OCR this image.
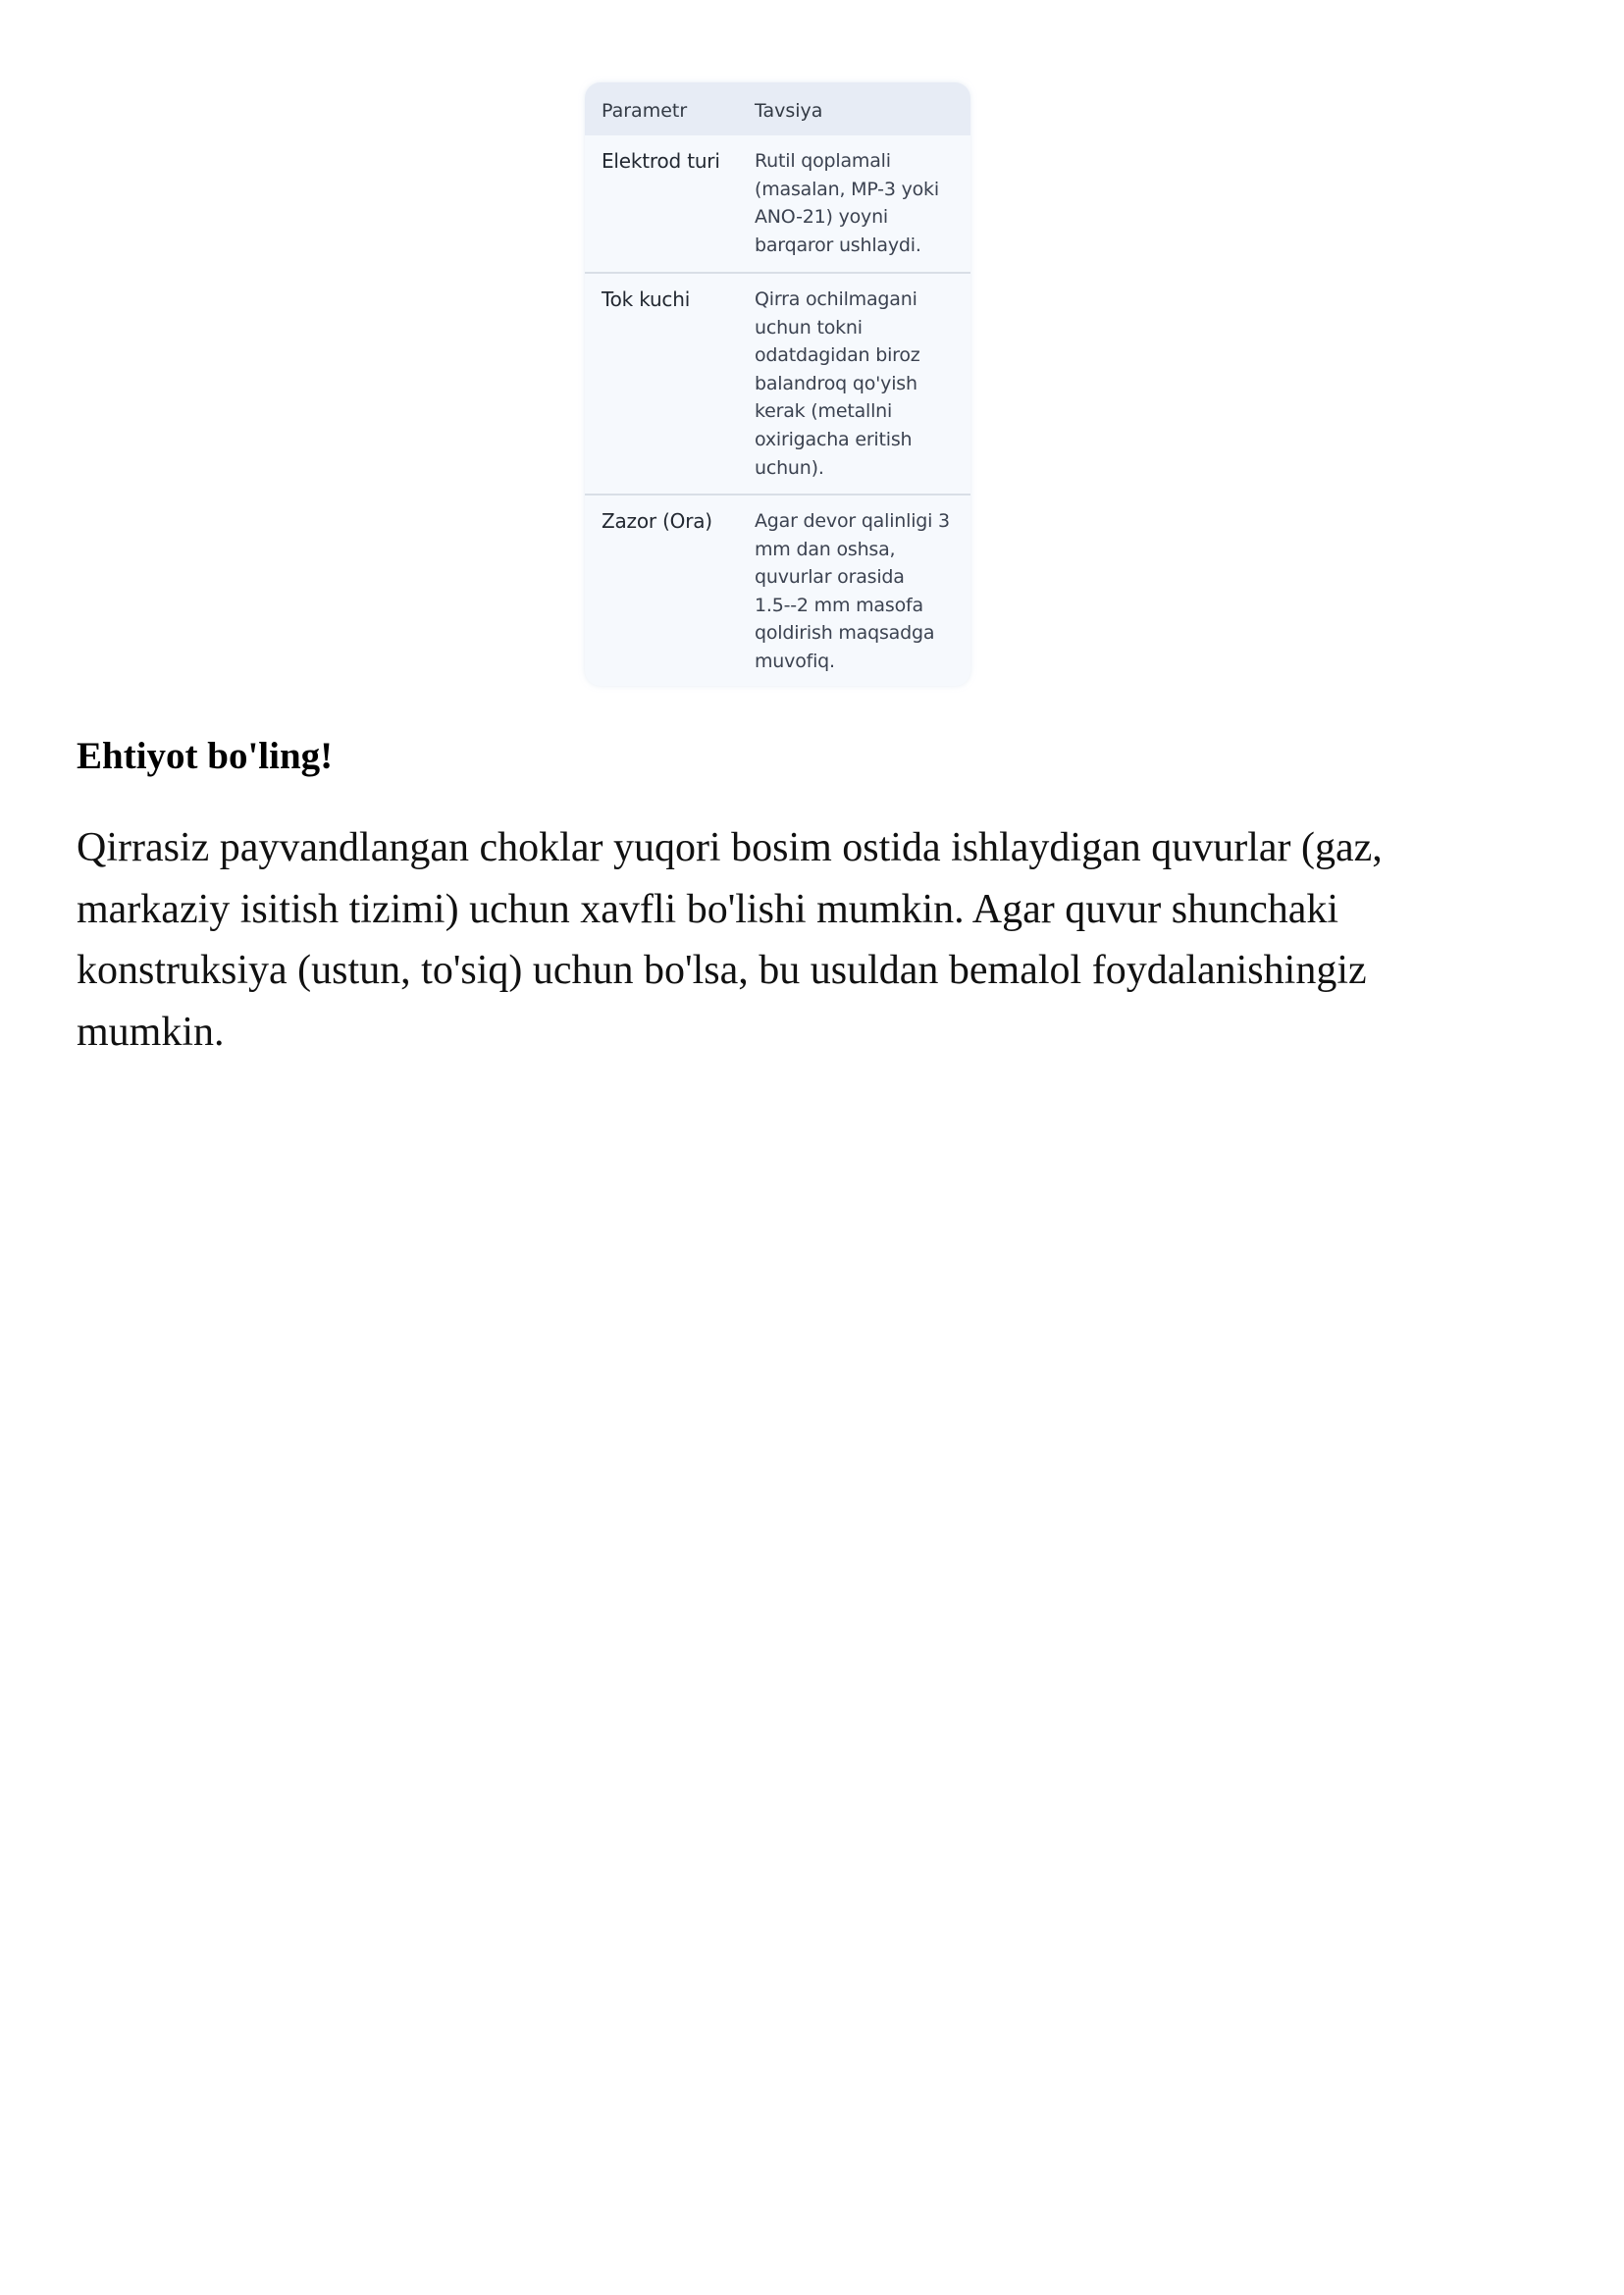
Parametr	Tavsiya
Elektrod turi Rutil qoplamali
(masalan, MP-3 yoki
ANO-21) yoyni
barqaror ushlaydi.
Tok kuchi	Qirra ochilmagani
uchun tokni
odatdagidan biroz
balandroq qo'yish
kerak (metallni
oxirigacha eritish
uchun).
Zazor (Ora) Agar devor qalinligi 3
mm dan oshsa,
quvurlar orasida
1.5--2 mm masofa
qoldirish maqsadga
muvofiq.
Ehtiyot bo'ling!

Qirrasiz payvandlangan choklar yuqori bosim ostida ishlaydigan quvurlar (gaz,
markaziy isitish tizimi) uchun xavfli bo'lishi mumkin. Agar quvur shunchaki
konstruksiya (ustun, to'siq) uchun bo'lsa, bu usuldan bemalol foydalanishingiz
mumkin.
